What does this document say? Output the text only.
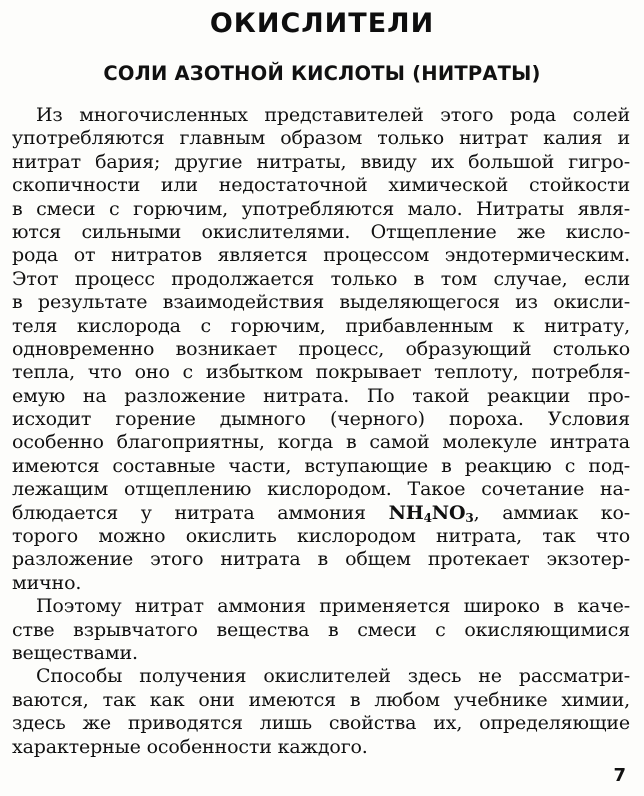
ОКИСЛИТЕЛИ
СОЛИ АЗОТНОЙ КИСЛОТЫ (НИТРАТЫ)
Из многочисленных представителей этого рода солей
употребляются главным образом только нитрат калия и
нитрат бария; другие нитраты, ввиду их большой гигро-
скопичности или недостаточной химической стойкости
в смеси с горючим, употребляются мало. Нитраты явля-
ются сильными окислителями. Отщепление же кисло-
рода от нитратов является процессом эндотермическим.
Этот процесс продолжается только в том случае, если
в результате взаимодействия выделяющегося из окисли-
теля кислорода с горючим, прибавленным к нитрату,
одновременно возникает процесс, образующий столько
тепла, что оно с избытком покрывает теплоту, потребля-
емую на разложение нитрата. По такой реакции про-
исходит горение дымного (черного) пороха. Условия
особенно благоприятны, когда в самой молекуле интрата
имеются составные части, вступающие в реакцию с под-
лежащим отщеплению кислородом. Такое сочетание на-
блюдается у нитрата аммония NH4NO3, аммиак ко-
торого можно окислить кислородом нитрата, так что
разложение этого нитрата в общем протекает экзотер-
мично.
Поэтому нитрат аммония применяется широко в каче-
стве взрывчатого вещества в смеси с окисляющимися
веществами.
Способы получения окислителей здесь не рассматри-
ваются, так как они имеются в любом учебнике химии,
здесь же приводятся лишь свойства их, определяющие
характерные особенности каждого.
7
